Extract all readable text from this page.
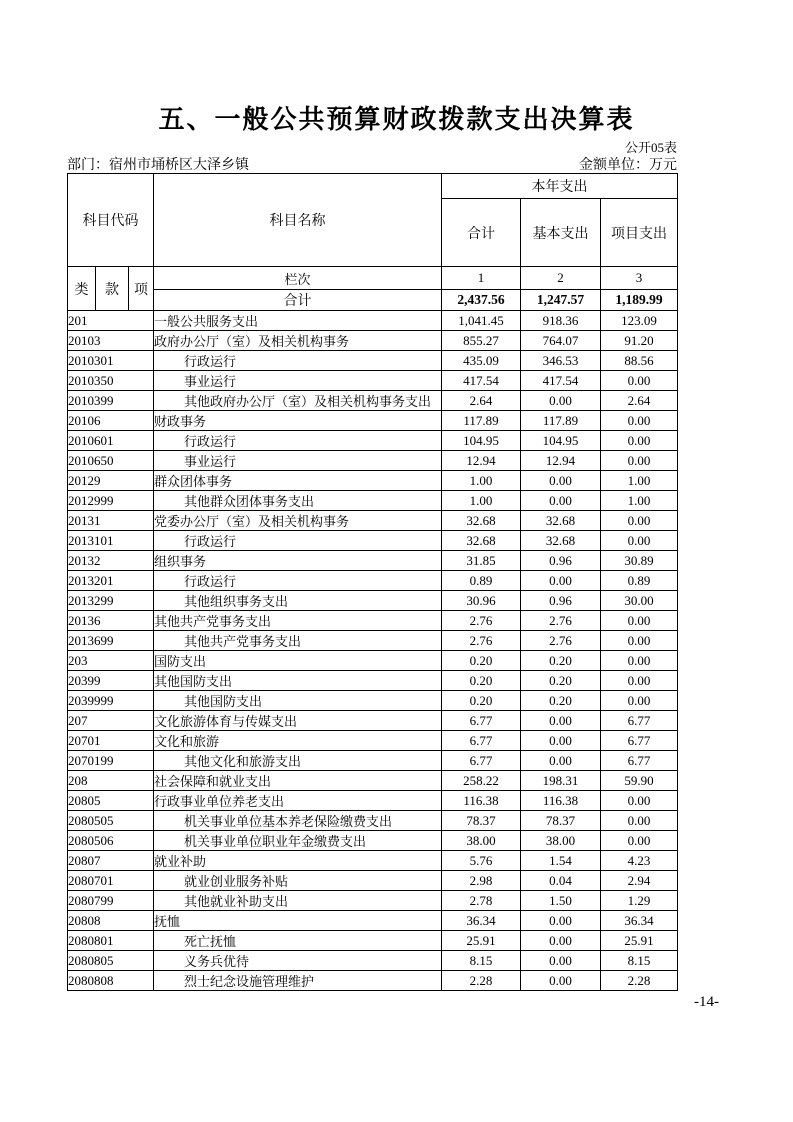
五、一般公共预算财政拨款支出决算表
公开05表
部门：宿州市埇桥区大泽乡镇	金额单位：万元
科目代码			科目名称	本年支出		
				合计	基本支出	项目支出
类	款	项	栏次	1	2	3
			合计	2,437.56	1,247.57	1,189.99
201			一般公共服务支出	1,041.45	918.36	123.09
20103			政府办公厅（室）及相关机构事务	855.27	764.07	91.20
2010301			行政运行	435.09	346.53	88.56
2010350			事业运行	417.54	417.54	0.00
2010399			其他政府办公厅（室）及相关机构事务支出	2.64	0.00	2.64
20106			财政事务	117.89	117.89	0.00
2010601			行政运行	104.95	104.95	0.00
2010650			事业运行	12.94	12.94	0.00
20129			群众团体事务	1.00	0.00	1.00
2012999			其他群众团体事务支出	1.00	0.00	1.00
20131			党委办公厅（室）及相关机构事务	32.68	32.68	0.00
2013101			行政运行	32.68	32.68	0.00
20132			组织事务	31.85	0.96	30.89
2013201			行政运行	0.89	0.00	0.89
2013299			其他组织事务支出	30.96	0.96	30.00
20136			其他共产党事务支出	2.76	2.76	0.00
2013699			其他共产党事务支出	2.76	2.76	0.00
203			国防支出	0.20	0.20	0.00
20399			其他国防支出	0.20	0.20	0.00
2039999			其他国防支出	0.20	0.20	0.00
207			文化旅游体育与传媒支出	6.77	0.00	6.77
20701			文化和旅游	6.77	0.00	6.77
2070199			其他文化和旅游支出	6.77	0.00	6.77
208			社会保障和就业支出	258.22	198.31	59.90
20805			行政事业单位养老支出	116.38	116.38	0.00
2080505			机关事业单位基本养老保险缴费支出	78.37	78.37	0.00
2080506			机关事业单位职业年金缴费支出	38.00	38.00	0.00
20807			就业补助	5.76	1.54	4.23
2080701			就业创业服务补贴	2.98	0.04	2.94
2080799			其他就业补助支出	2.78	1.50	1.29
20808			抚恤	36.34	0.00	36.34
2080801			死亡抚恤	25.91	0.00	25.91
2080805			义务兵优待	8.15	0.00	8.15
2080808			烈士纪念设施管理维护	2.28	0.00	2.28
-14-
